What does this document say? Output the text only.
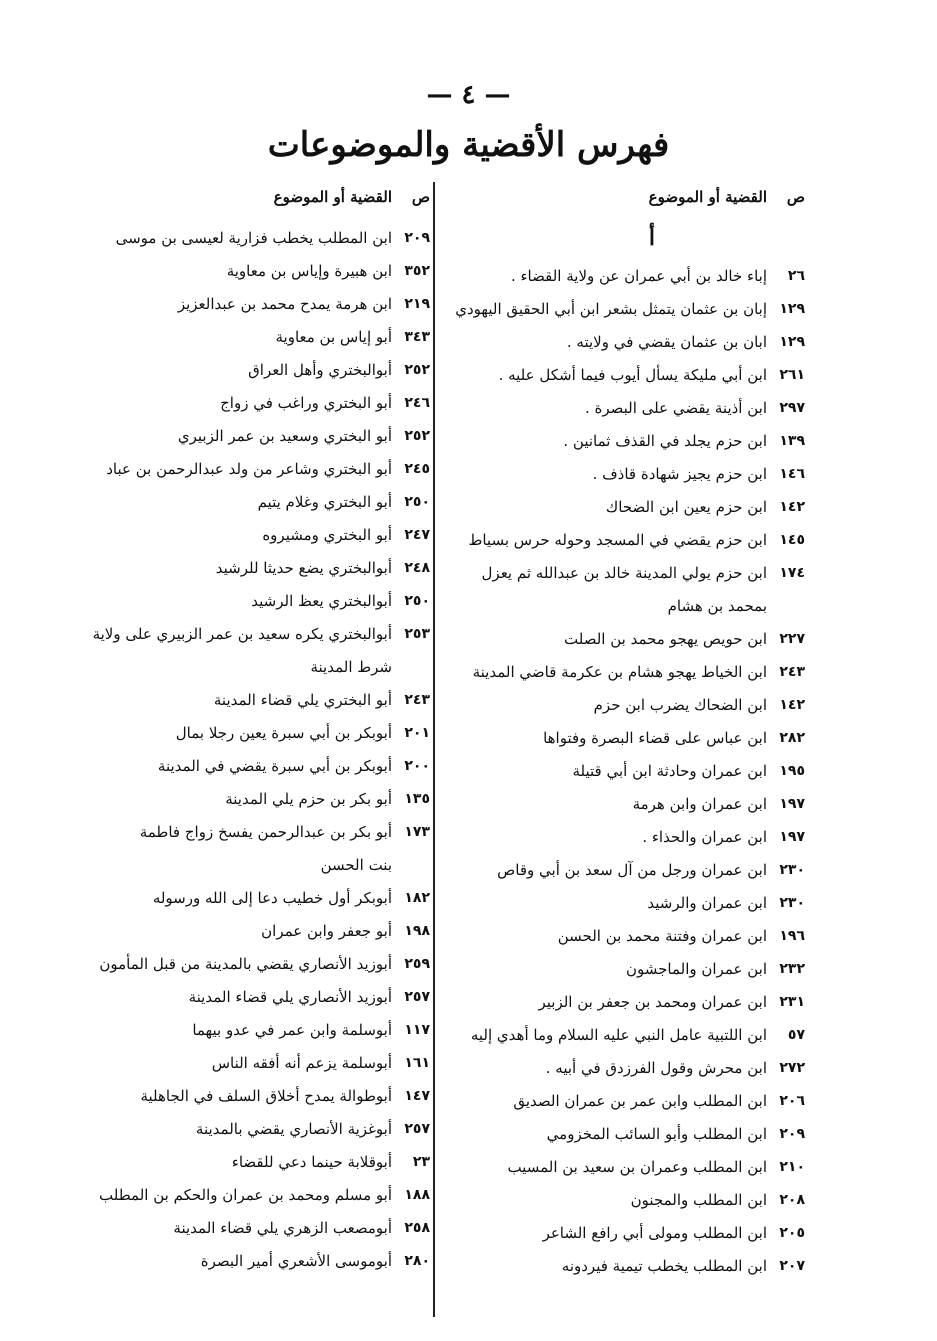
— ٤ —
فهرس الأقضية والموضوعات
ص
القضية أو الموضوع
أ
٢٦
إباء خالد بن أبي عمران عن ولاية القضاء .
١٢٩
إبان بن عثمان يتمثل بشعر ابن أبي الحقيق اليهودي
١٢٩
ابان بن عثمان يقضي في ولايته .
٢٦١
ابن أبي مليكة يسأل أيوب فيما أشكل عليه .
٢٩٧
ابن أذينة يقضي على البصرة .
١٣٩
ابن حزم يجلد في القذف ثمانين .
١٤٦
ابن حزم يجيز شهادة قاذف .
١٤٢
ابن حزم يعين ابن الضحاك
١٤٥
ابن حزم يقضي في المسجد وحوله حرس بسياط
١٧٤
ابن حزم يولي المدينة خالد بن عبدالله ثم يعزل
بمحمد بن هشام
٢٢٧
ابن حويص يهجو محمد بن الصلت
٢٤٣
ابن الخياط يهجو هشام بن عكرمة قاضي المدينة
١٤٢
ابن الضحاك يضرب ابن حزم
٢٨٢
ابن عباس على قضاء البصرة وفتواها
١٩٥
ابن عمران وحادثة ابن أبي قتيلة
١٩٧
ابن عمران وابن هرمة
١٩٧
ابن عمران والحذاء .
٢٣٠
ابن عمران ورجل من آل سعد بن أبي وقاص
٢٣٠
ابن عمران والرشيد
١٩٦
ابن عمران وفتنة محمد بن الحسن
٢٣٢
ابن عمران والماجشون
٢٣١
ابن عمران ومحمد بن جعفر بن الزبير
٥٧
ابن اللتبية عامل النبي عليه السلام وما أهدي إليه
٢٧٢
ابن محرش وقول الفرزدق في أبيه .
٢٠٦
ابن المطلب وابن عمر بن عمران الصديق
٢٠٩
ابن المطلب وأبو السائب المخزومي
٢١٠
ابن المطلب وعمران بن سعيد بن المسيب
٢٠٨
ابن المطلب والمجنون
٢٠٥
ابن المطلب ومولى أبي رافع الشاعر
٢٠٧
ابن المطلب يخطب تيمية فيردونه
ص
القضية أو الموضوع
٢٠٩
ابن المطلب يخطب فزارية لعيسى بن موسى
٣٥٢
ابن هبيرة وإياس بن معاوية
٢١٩
ابن هرمة يمدح محمد بن عبدالعزيز
٣٤٣
أبو إياس بن معاوية
٢٥٢
أبوالبختري وأهل العراق
٢٤٦
أبو البختري وراغب في زواج
٢٥٢
أبو البختري وسعيد بن عمر الزبيري
٢٤٥
أبو البختري وشاعر من ولد عبدالرحمن بن عباد
٢٥٠
أبو البختري وغلام يتيم
٢٤٧
أبو البختري ومشيروه
٢٤٨
أبوالبختري يضع حديثا للرشيد
٢٥٠
أبوالبختري يعظ الرشيد
٢٥٣
أبوالبختري يكره سعيد بن عمر الزبيري على ولاية
شرط المدينة
٢٤٣
أبو البختري يلي قضاء المدينة
٢٠١
أبوبكر بن أبي سبرة يعين رجلا بمال
٢٠٠
أبوبكر بن أبي سبرة يقضي في المدينة
١٣٥
أبو بكر بن حزم يلي المدينة
١٧٣
أبو بكر بن عبدالرحمن يفسخ زواج فاطمة
بنت الحسن
١٨٢
أبوبكر أول خطيب دعا إلى الله ورسوله
١٩٨
أبو جعفر وابن عمران
٢٥٩
أبوزيد الأنصاري يقضي بالمدينة من قبل المأمون
٢٥٧
أبوزيد الأنصاري يلي قضاء المدينة
١١٧
أبوسلمة وابن عمر في عدو بيهما
١٦١
أبوسلمة يزعم أنه أفقه الناس
١٤٧
أبوطوالة يمدح أخلاق السلف في الجاهلية
٢٥٧
أبوغزية الأنصاري يقضي بالمدينة
٢٣
أبوقلابة حينما دعي للقضاء
١٨٨
أبو مسلم ومحمد بن عمران والحكم بن المطلب
٢٥٨
أبومصعب الزهري يلي قضاء المدينة
٢٨٠
أبوموسى الأشعري أمير البصرة
